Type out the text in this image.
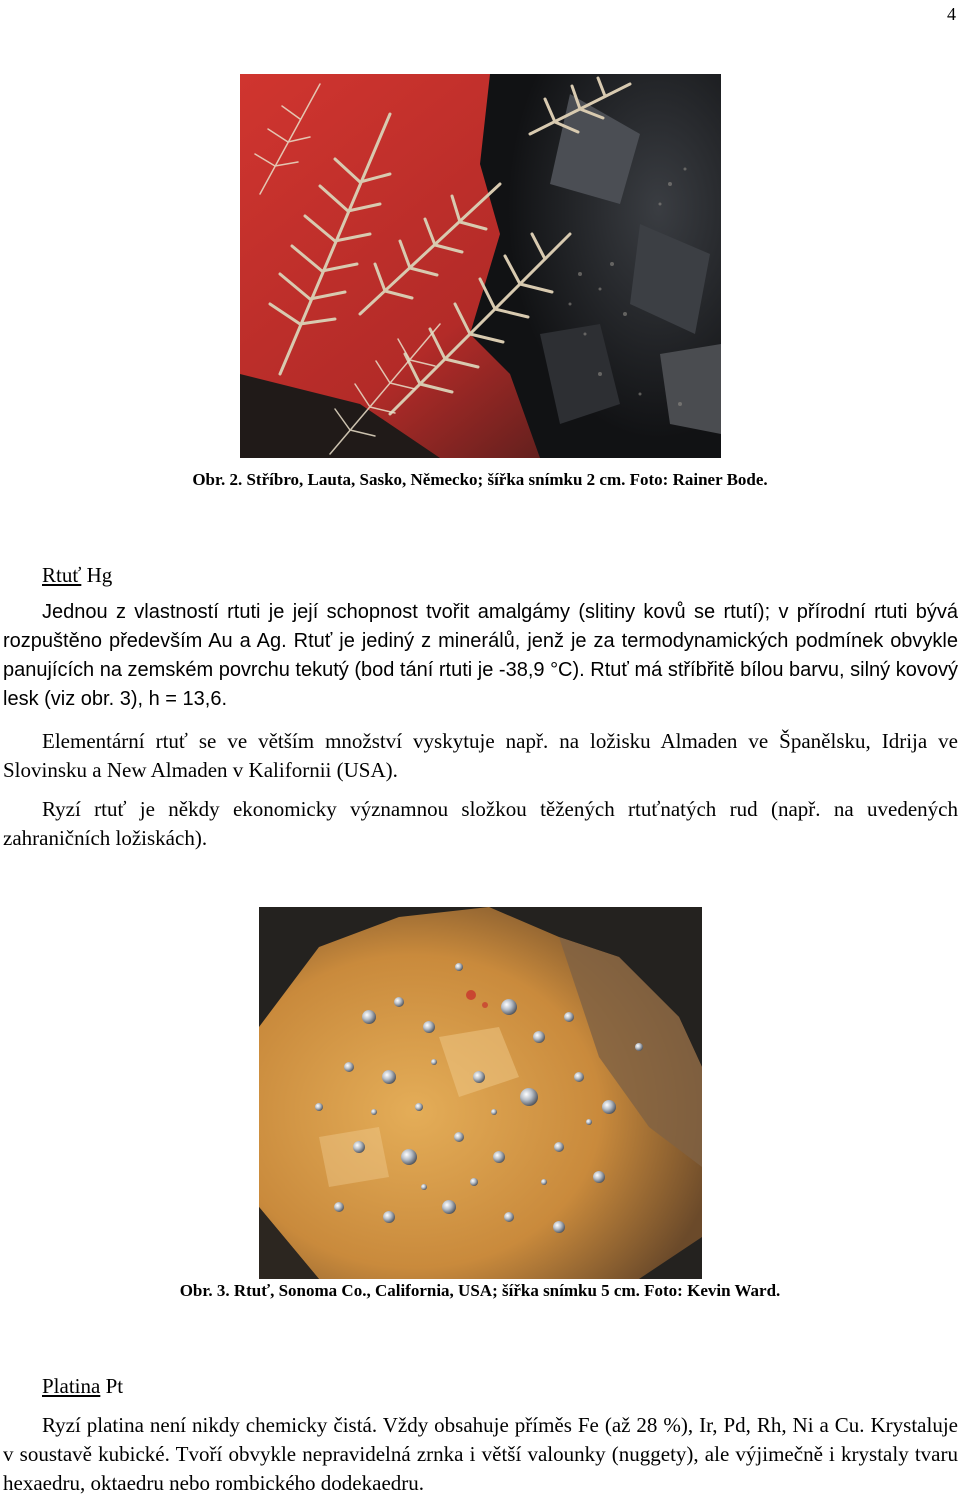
4
Obr. 2. Stříbro, Lauta, Sasko, Německo; šířka snímku 2 cm. Foto: Rainer Bode.
Rtuť Hg

Jednou z vlastností rtuti je její schopnost tvořit amalgámy (slitiny kovů se rtutí); v přírodní rtuti bývá rozpuštěno především Au a Ag. Rtuť je jediný z minerálů, jenž je za termodynamických podmínek obvykle panujících na zemském povrchu tekutý (bod tání rtuti je -38,9 °C). Rtuť má stříbřitě bílou barvu, silný kovový lesk (viz obr. 3), h = 13,6.

Elementární rtuť se ve větším množství vyskytuje např. na ložisku Almaden ve Španělsku, Idrija ve Slovinsku a New Almaden v Kalifornii (USA).

Ryzí rtuť je někdy ekonomicky významnou složkou těžených rtuťnatých rud (např. na uvedených zahraničních ložiskách).

Obr. 3. Rtuť, Sonoma Co., California, USA; šířka snímku 5 cm. Foto: Kevin Ward.
Platina Pt

Ryzí platina není nikdy chemicky čistá. Vždy obsahuje příměs Fe (až 28 %), Ir, Pd, Rh, Ni a Cu. Krystaluje v soustavě kubické. Tvoří obvykle nepravidelná zrnka i větší valounky (nuggety), ale výjimečně i krystaly tvaru hexaedru, oktaedru nebo rombického dodekaedru.
